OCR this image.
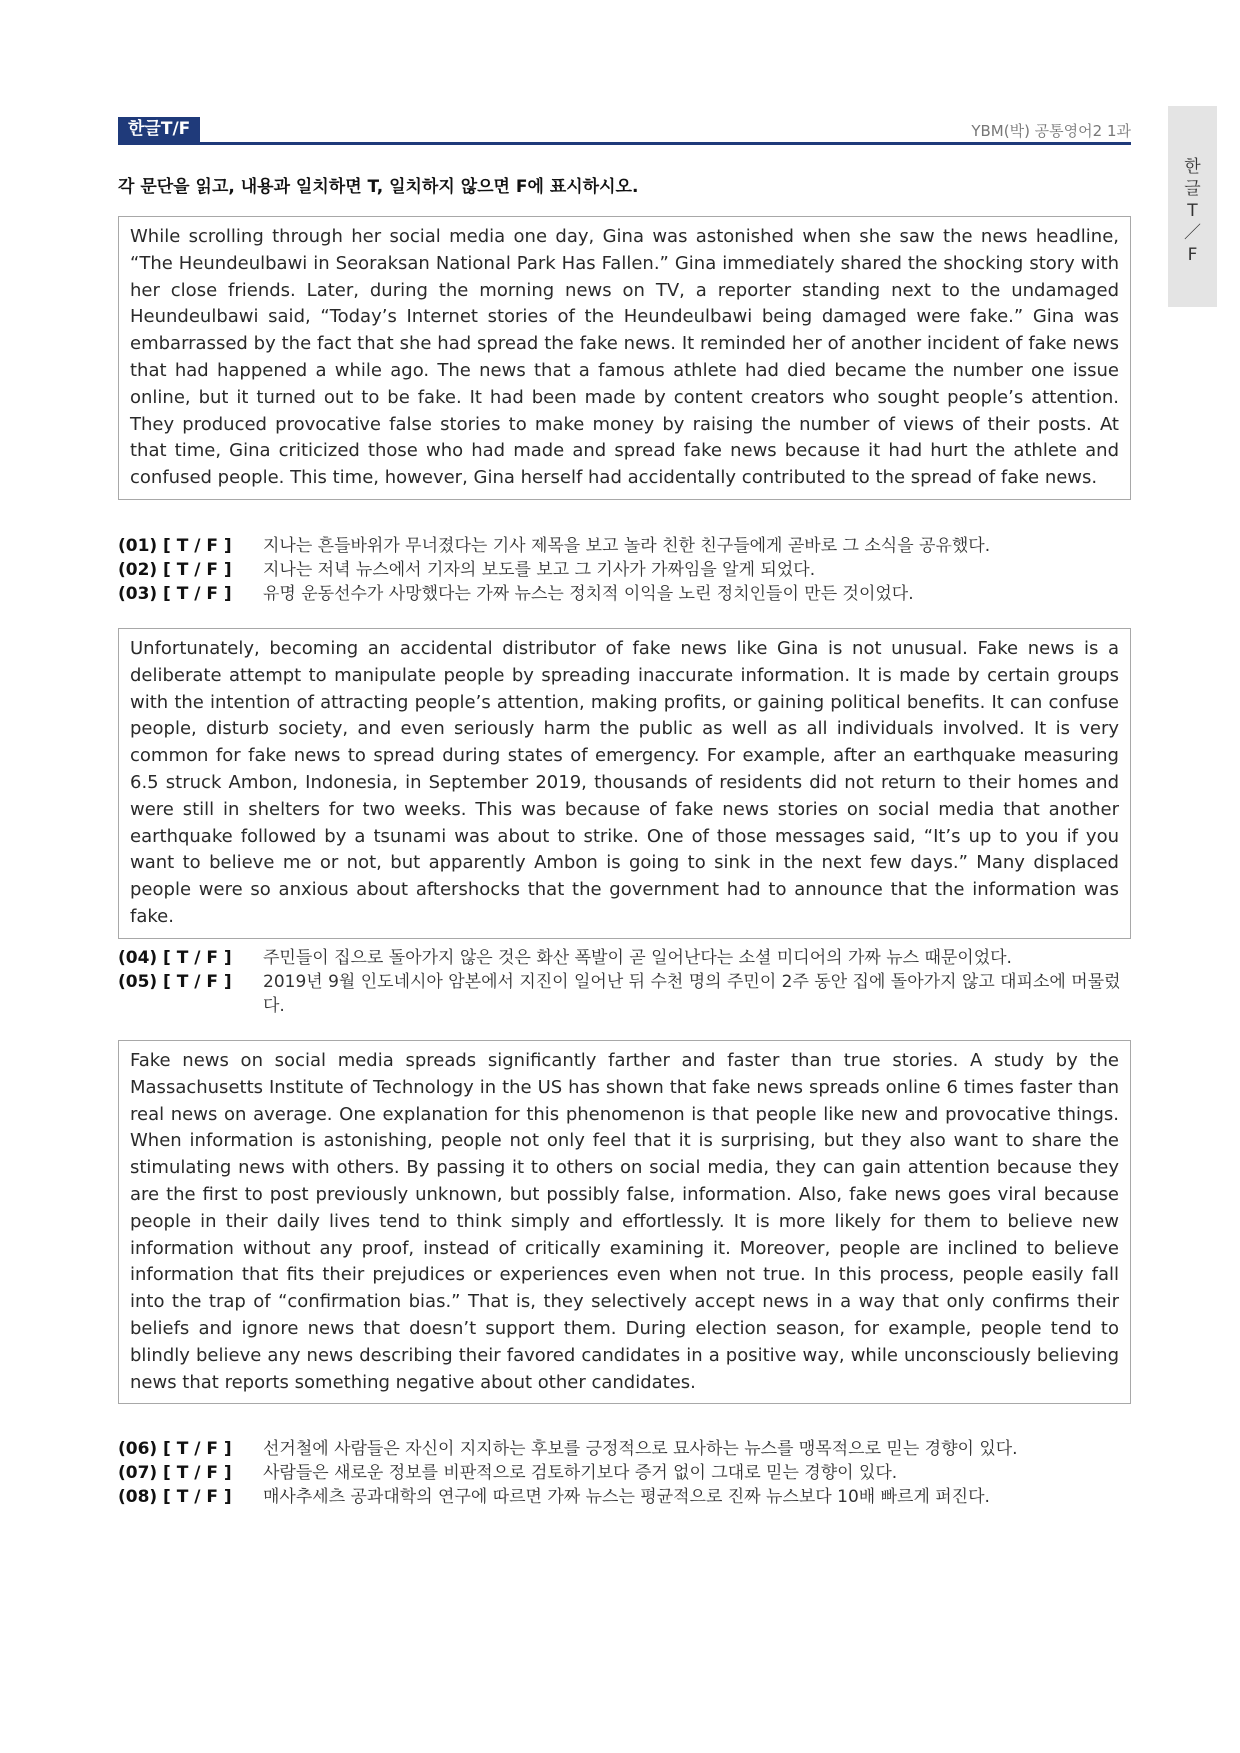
한글T/F	YBM(박) 공통영어2 1과
한
글
T
／
F
각 문단을 읽고, 내용과 일치하면 T, 일치하지 않으면 F에 표시하시오.
While scrolling through her social media one day, Gina was astonished when she saw the news headline, “The Heundeulbawi in Seoraksan National Park Has Fallen.” Gina immediately shared the shocking story with her close friends. Later, during the morning news on TV, a reporter standing next to the undamaged Heundeulbawi said, “Today’s Internet stories of the Heundeulbawi being damaged were fake.” Gina was embarrassed by the fact that she had spread the fake news. It reminded her of another incident of fake news that had happened a while ago. The news that a famous athlete had died became the number one issue online, but it turned out to be fake. It had been made by content creators who sought people’s attention. They produced provocative false stories to make money by raising the number of views of their posts. At that time, Gina criticized those who had made and spread fake news because it had hurt the athlete and confused people. This time, however, Gina herself had accidentally contributed to the spread of fake news.
(01) [ T / F ]	지나는 흔들바위가 무너졌다는 기사 제목을 보고 놀라 친한 친구들에게 곧바로 그 소식을 공유했다.
(02) [ T / F ]	지나는 저녁 뉴스에서 기자의 보도를 보고 그 기사가 가짜임을 알게 되었다.
(03) [ T / F ]	유명 운동선수가 사망했다는 가짜 뉴스는 정치적 이익을 노린 정치인들이 만든 것이었다.
Unfortunately, becoming an accidental distributor of fake news like Gina is not unusual. Fake news is a deliberate attempt to manipulate people by spreading inaccurate information. It is made by certain groups with the intention of attracting people’s attention, making profits, or gaining political benefits. It can confuse people, disturb society, and even seriously harm the public as well as all individuals involved. It is very common for fake news to spread during states of emergency. For example, after an earthquake measuring 6.5 struck Ambon, Indonesia, in September 2019, thousands of residents did not return to their homes and were still in shelters for two weeks. This was because of fake news stories on social media that another earthquake followed by a tsunami was about to strike. One of those messages said, “It’s up to you if you want to believe me or not, but apparently Ambon is going to sink in the next few days.” Many displaced people were so anxious about aftershocks that the government had to announce that the information was fake.
(04) [ T / F ]	주민들이 집으로 돌아가지 않은 것은 화산 폭발이 곧 일어난다는 소셜 미디어의 가짜 뉴스 때문이었다.
(05) [ T / F ]	2019년 9월 인도네시아 암본에서 지진이 일어난 뒤 수천 명의 주민이 2주 동안 집에 돌아가지 않고 대피소에 머물렀다.
Fake news on social media spreads significantly farther and faster than true stories. A study by the Massachusetts Institute of Technology in the US has shown that fake news spreads online 6 times faster than real news on average. One explanation for this phenomenon is that people like new and provocative things. When information is astonishing, people not only feel that it is surprising, but they also want to share the stimulating news with others. By passing it to others on social media, they can gain attention because they are the first to post previously unknown, but possibly false, information. Also, fake news goes viral because people in their daily lives tend to think simply and effortlessly. It is more likely for them to believe new information without any proof, instead of critically examining it. Moreover, people are inclined to believe information that fits their prejudices or experiences even when not true. In this process, people easily fall into the trap of “confirmation bias.” That is, they selectively accept news in a way that only confirms their beliefs and ignore news that doesn’t support them. During election season, for example, people tend to blindly believe any news describing their favored candidates in a positive way, while unconsciously believing news that reports something negative about other candidates.
(06) [ T / F ]	선거철에 사람들은 자신이 지지하는 후보를 긍정적으로 묘사하는 뉴스를 맹목적으로 믿는 경향이 있다.
(07) [ T / F ]	사람들은 새로운 정보를 비판적으로 검토하기보다 증거 없이 그대로 믿는 경향이 있다.
(08) [ T / F ]	매사추세츠 공과대학의 연구에 따르면 가짜 뉴스는 평균적으로 진짜 뉴스보다 10배 빠르게 퍼진다.
